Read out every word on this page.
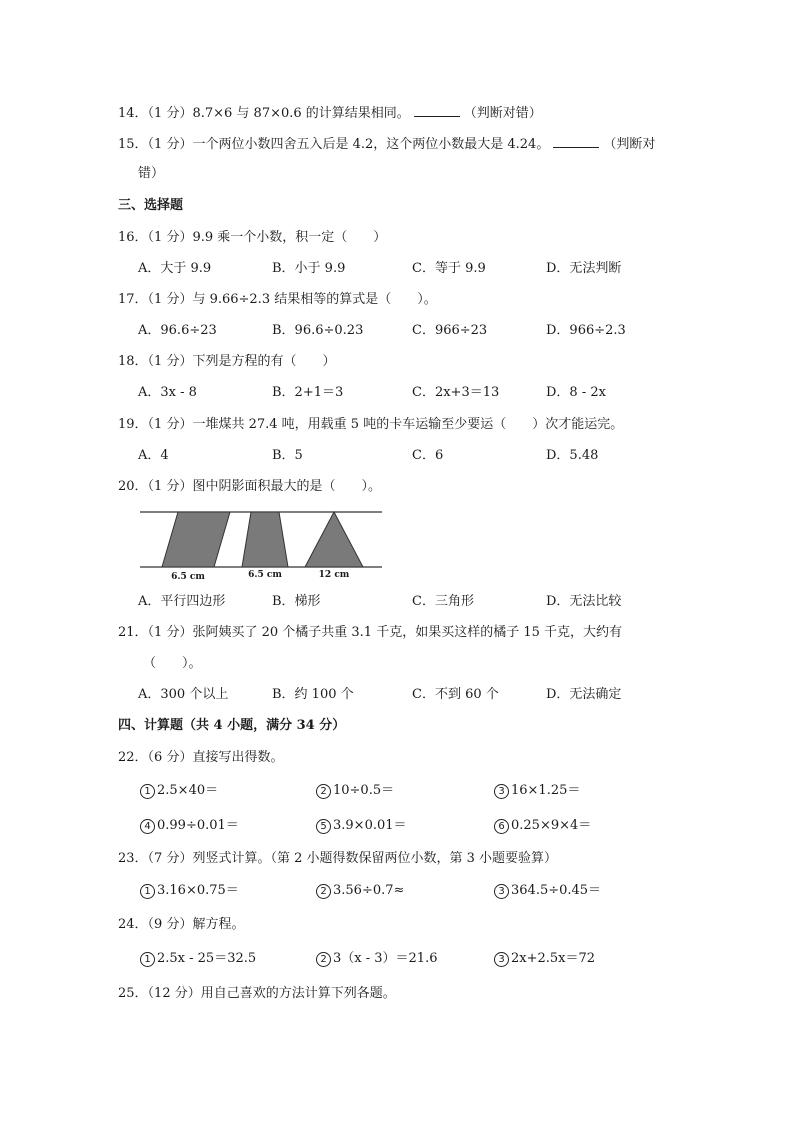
14．（1 分）8.7×6 与 87×0.6 的计算结果相同。	（判断对错）
15．（1 分）一个两位小数四舍五入后是 4.2，这个两位小数最大是 4.24。	（判断对
错）
三、选择题
16．（1 分）9.9 乘一个小数，积一定（　　）
A．大于 9.9	B．小于 9.9	C．等于 9.9	D．无法判断
17．（1 分）与 9.66÷2.3 结果相等的算式是（　　）。
A．96.6÷23	B．96.6÷0.23	C．966÷23	D．966÷2.3
18．（1 分）下列是方程的有（　　）
A．3x - 8	B．2+1＝3	C．2x+3＝13	D．8 - 2x
19．（1 分）一堆煤共 27.4 吨，用载重 5 吨的卡车运输至少要运（　　）次才能运完。
A．4	B．5	C．6	D．5.48
20．（1 分）图中阴影面积最大的是（　　）。
6.5 cm	6.5 cm	12 cm
A．平行四边形	B．梯形	C．三角形	D．无法比较
21．（1 分）张阿姨买了 20 个橘子共重 3.1 千克，如果买这样的橘子 15 千克，大约有
（　　）。
A．300 个以上	B．约 100 个	C．不到 60 个	D．无法确定
四、计算题（共 4 小题，满分 34 分）
22．（6 分）直接写出得数。
1 2.5×40＝	2 10÷0.5＝	3 16×1.25＝
4 0.99÷0.01＝	5 3.9×0.01＝	6 0.25×9×4＝
23．（7 分）列竖式计算。（第 2 小题得数保留两位小数，第 3 小题要验算）
1 3.16×0.75＝	2 3.56÷0.7≈	3 364.5÷0.45＝
24．（9 分）解方程。
1 2.5x - 25＝32.5	2 3（x - 3）＝21.6	3 2x+2.5x＝72
25．（12 分）用自己喜欢的方法计算下列各题。
